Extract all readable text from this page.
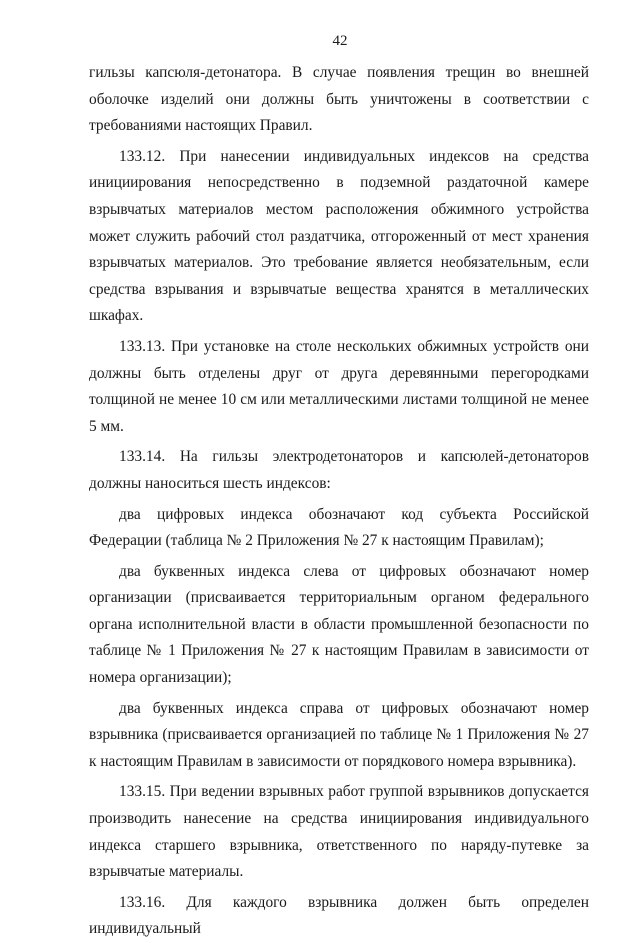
42

гильзы капсюля-детонатора. В случае появления трещин во внешней оболочке изделий они должны быть уничтожены в соответствии с требованиями настоящих Правил.

133.12. При нанесении индивидуальных индексов на средства инициирования непосредственно в подземной раздаточной камере взрывчатых материалов местом расположения обжимного устройства может служить рабочий стол раздатчика, отгороженный от мест хранения взрывчатых материалов. Это требование является необязательным, если средства взрывания и взрывчатые вещества хранятся в металлических шкафах.

133.13. При установке на столе нескольких обжимных устройств они должны быть отделены друг от друга деревянными перегородками толщиной не менее 10 см или металлическими листами толщиной не менее 5 мм.

133.14. На гильзы электродетонаторов и капсюлей-детонаторов должны наноситься шесть индексов:

два цифровых индекса обозначают код субъекта Российской Федерации (таблица № 2 Приложения № 27 к настоящим Правилам);

два буквенных индекса слева от цифровых обозначают номер организации (присваивается территориальным органом федерального органа исполнительной власти в области промышленной безопасности по таблице № 1 Приложения № 27 к настоящим Правилам в зависимости от номера организации);

два буквенных индекса справа от цифровых обозначают номер взрывника (присваивается организацией по таблице № 1 Приложения № 27 к настоящим Правилам в зависимости от порядкового номера взрывника).

133.15. При ведении взрывных работ группой взрывников допускается производить нанесение на средства инициирования индивидуального индекса старшего взрывника, ответственного по наряду-путевке за взрывчатые материалы.

133.16. Для каждого взрывника должен быть определен индивидуальный
